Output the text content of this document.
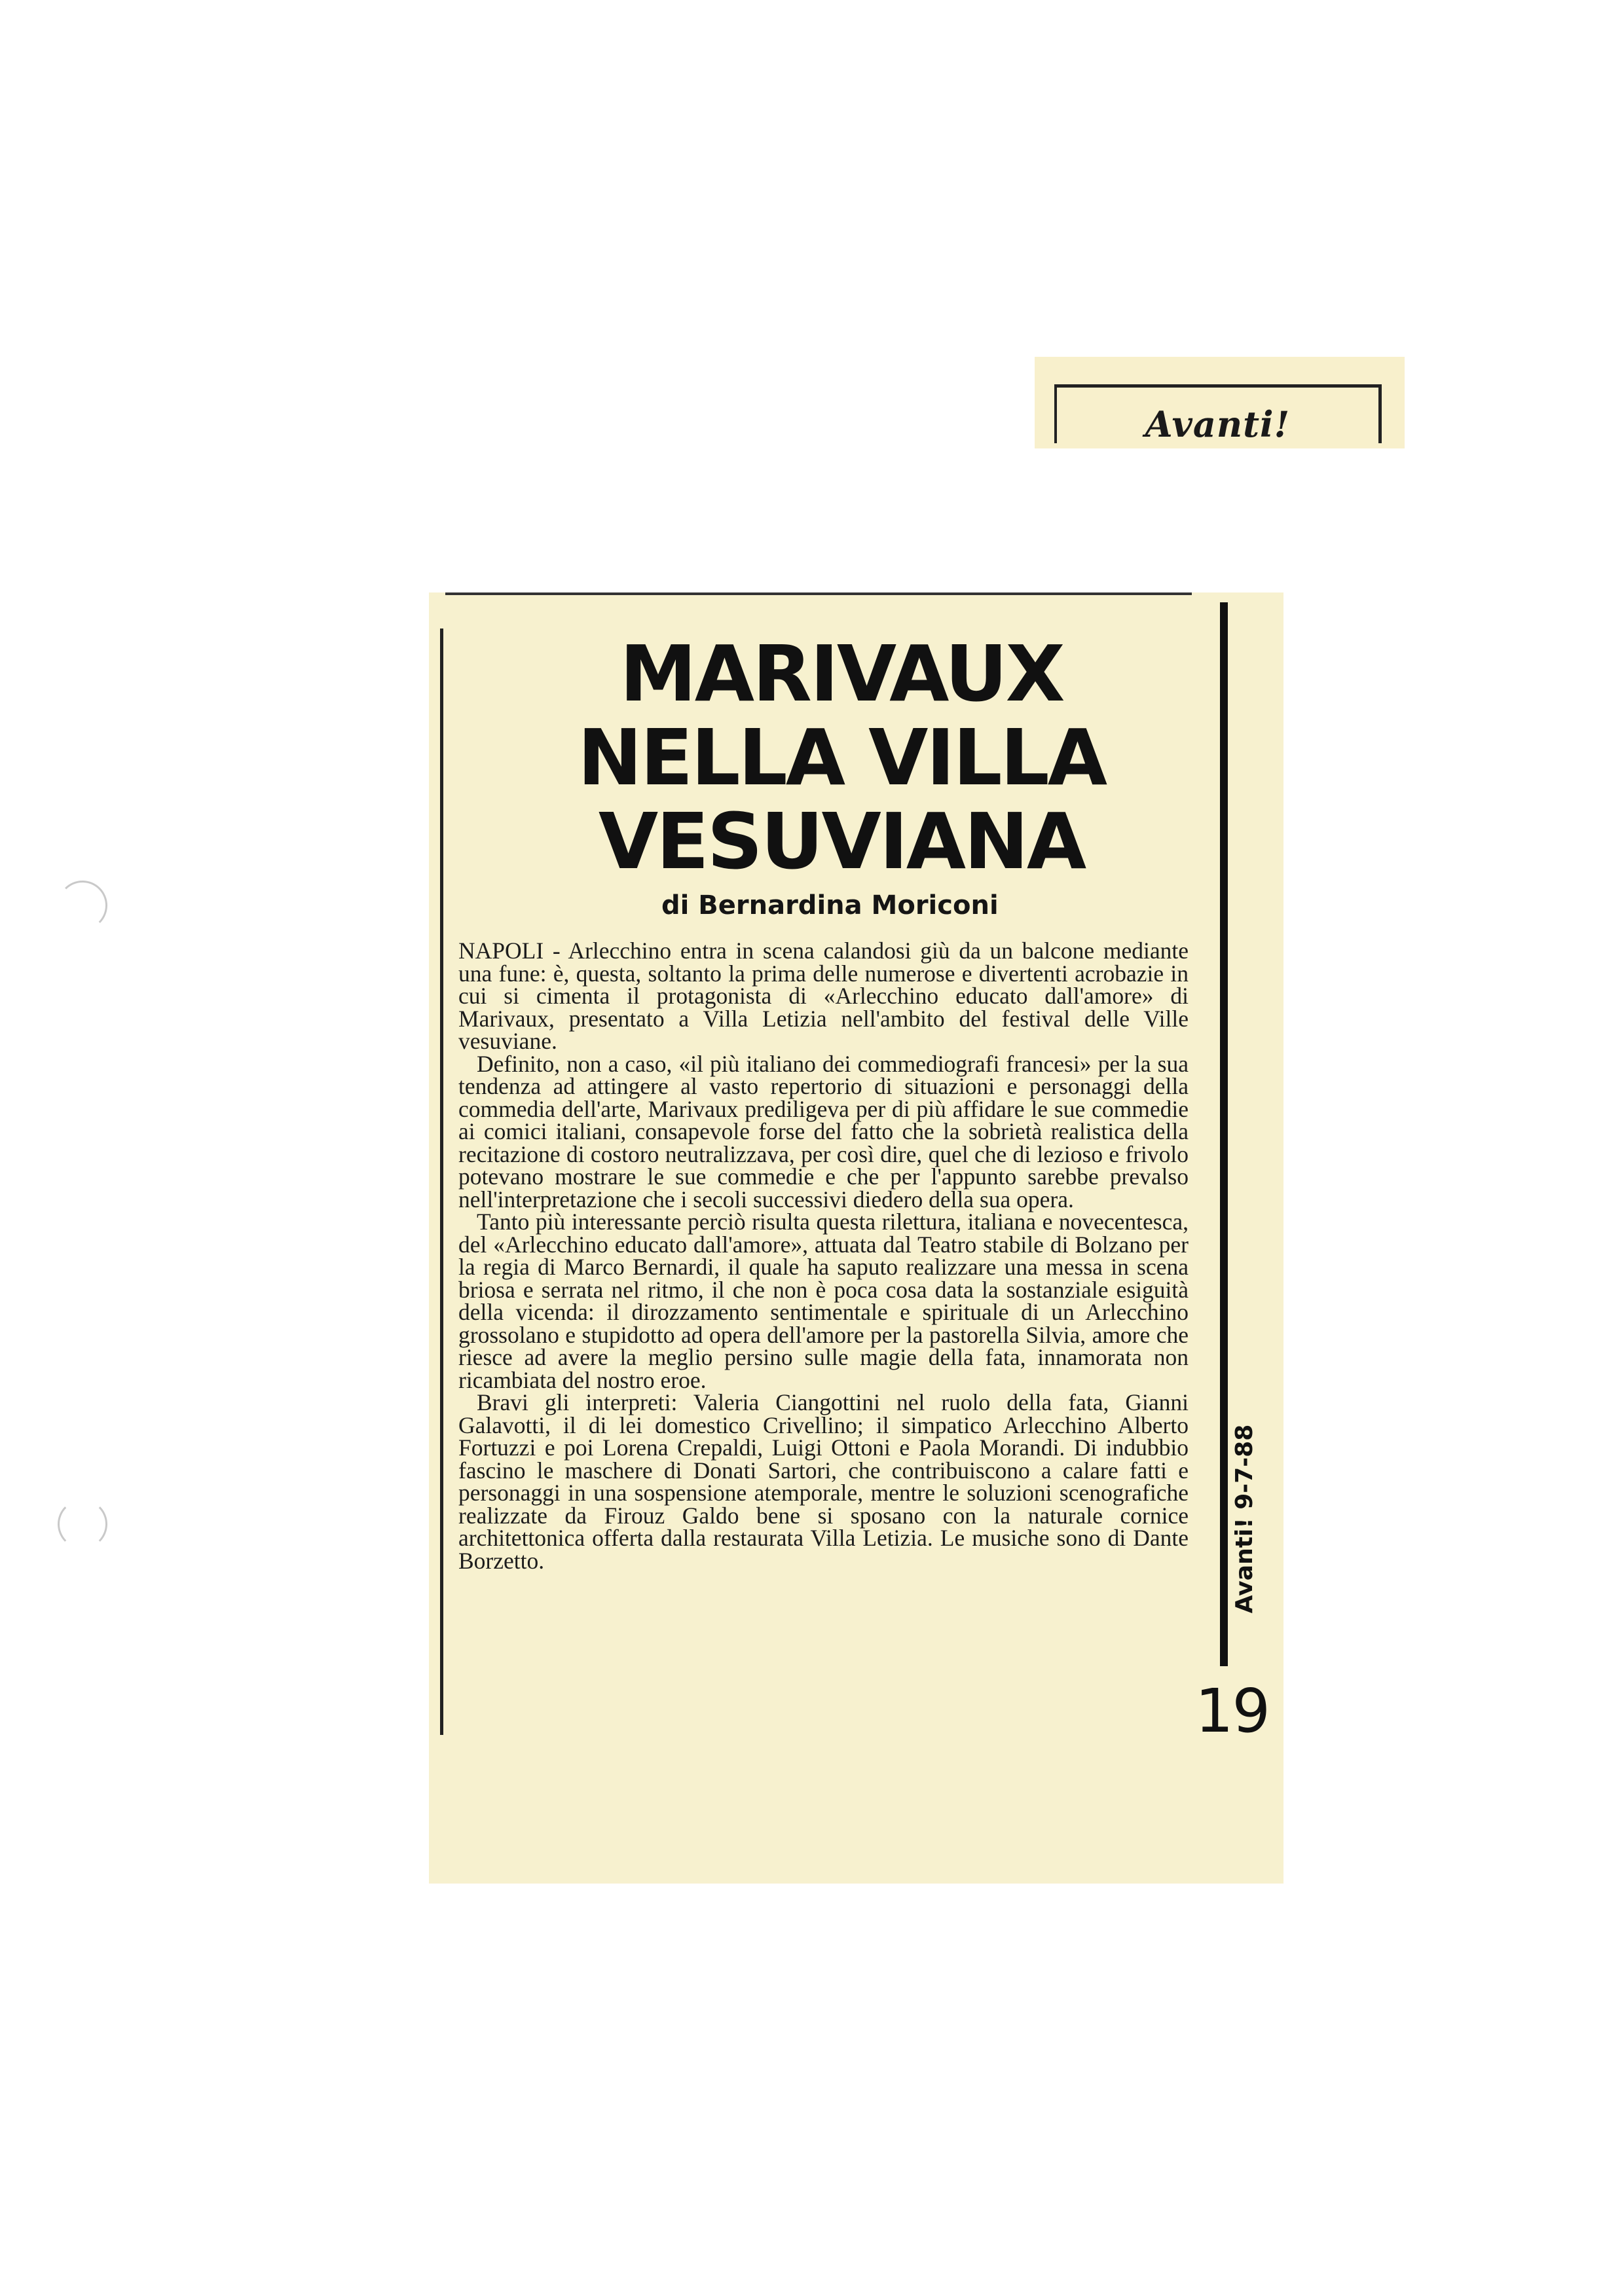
Avanti!
MARIVAUX
NELLA VILLA
VESUVIANA
di Bernardina Moriconi

NAPOLI - Arlecchino entra in scena calandosi giù da un balcone mediante una fune: è, questa, soltanto la prima delle numerose e divertenti acrobazie in cui si cimenta il protagonista di «Arlecchino educato dall'amore» di Marivaux, presentato a Villa Letizia nell'ambito del festival delle Ville vesuviane.

Definito, non a caso, «il più italiano dei commediografi francesi» per la sua tendenza ad attingere al vasto repertorio di situazioni e personaggi della commedia dell'arte, Marivaux prediligeva per di più affidare le sue commedie ai comici italiani, consapevole forse del fatto che la sobrietà realistica della recitazione di costoro neutralizzava, per così dire, quel che di lezioso e frivolo potevano mostrare le sue commedie e che per l'appunto sarebbe prevalso nell'interpretazione che i secoli successivi diedero della sua opera.

Tanto più interessante perciò risulta questa rilettura, italiana e novecentesca, del «Arlecchino educato dall'amore», attuata dal Teatro stabile di Bolzano per la regia di Marco Bernardi, il quale ha saputo realizzare una messa in scena briosa e serrata nel ritmo, il che non è poca cosa data la sostanziale esiguità della vicenda: il dirozzamento sentimentale e spirituale di un Arlecchino grossolano e stupidotto ad opera dell'amore per la pastorella Silvia, amore che riesce ad avere la meglio persino sulle magie della fata, innamorata non ricambiata del nostro eroe.

Bravi gli interpreti: Valeria Ciangottini nel ruolo della fata, Gianni Galavotti, il di lei domestico Crivellino; il simpatico Arlecchino Alberto Fortuzzi e poi Lorena Crepaldi, Luigi Ottoni e Paola Morandi. Di indubbio fascino le maschere di Donati Sartori, che contribuiscono a calare fatti e personaggi in una sospensione atemporale, mentre le soluzioni scenografiche realizzate da Firouz Galdo bene si sposano con la naturale cornice architettonica offerta dalla restaurata Villa Letizia. Le musiche sono di Dante Borzetto.	Avanti! 9-7-88
19
